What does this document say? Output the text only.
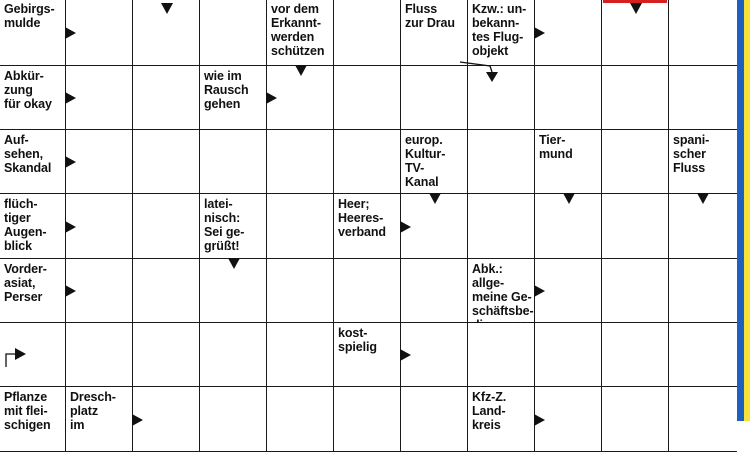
Gebirgs-
mulde
vor dem
Erkannt-
werden
schützen
Fluss
zur Drau
Kzw.: un-
bekann-
tes Flug-
objekt
Abkür-
zung
für okay
wie im
Rausch
gehen
Auf-
sehen,
Skandal
europ.
Kultur-
TV-
Kanal
Tier-
mund
spani-
scher
Fluss
flüch-
tiger
Augen-
blick
latei-
nisch:
Sei ge-
grüßt!
Heer;
Heeres-
verband
Vorder-
asiat,
Perser
Abk.: allge-
meine Ge-
schäftsbe-

kost-
spielig
Pflanze
mit flei-
schigen
Dresch-
platz
im
Kfz-Z.
Land-
kreis
